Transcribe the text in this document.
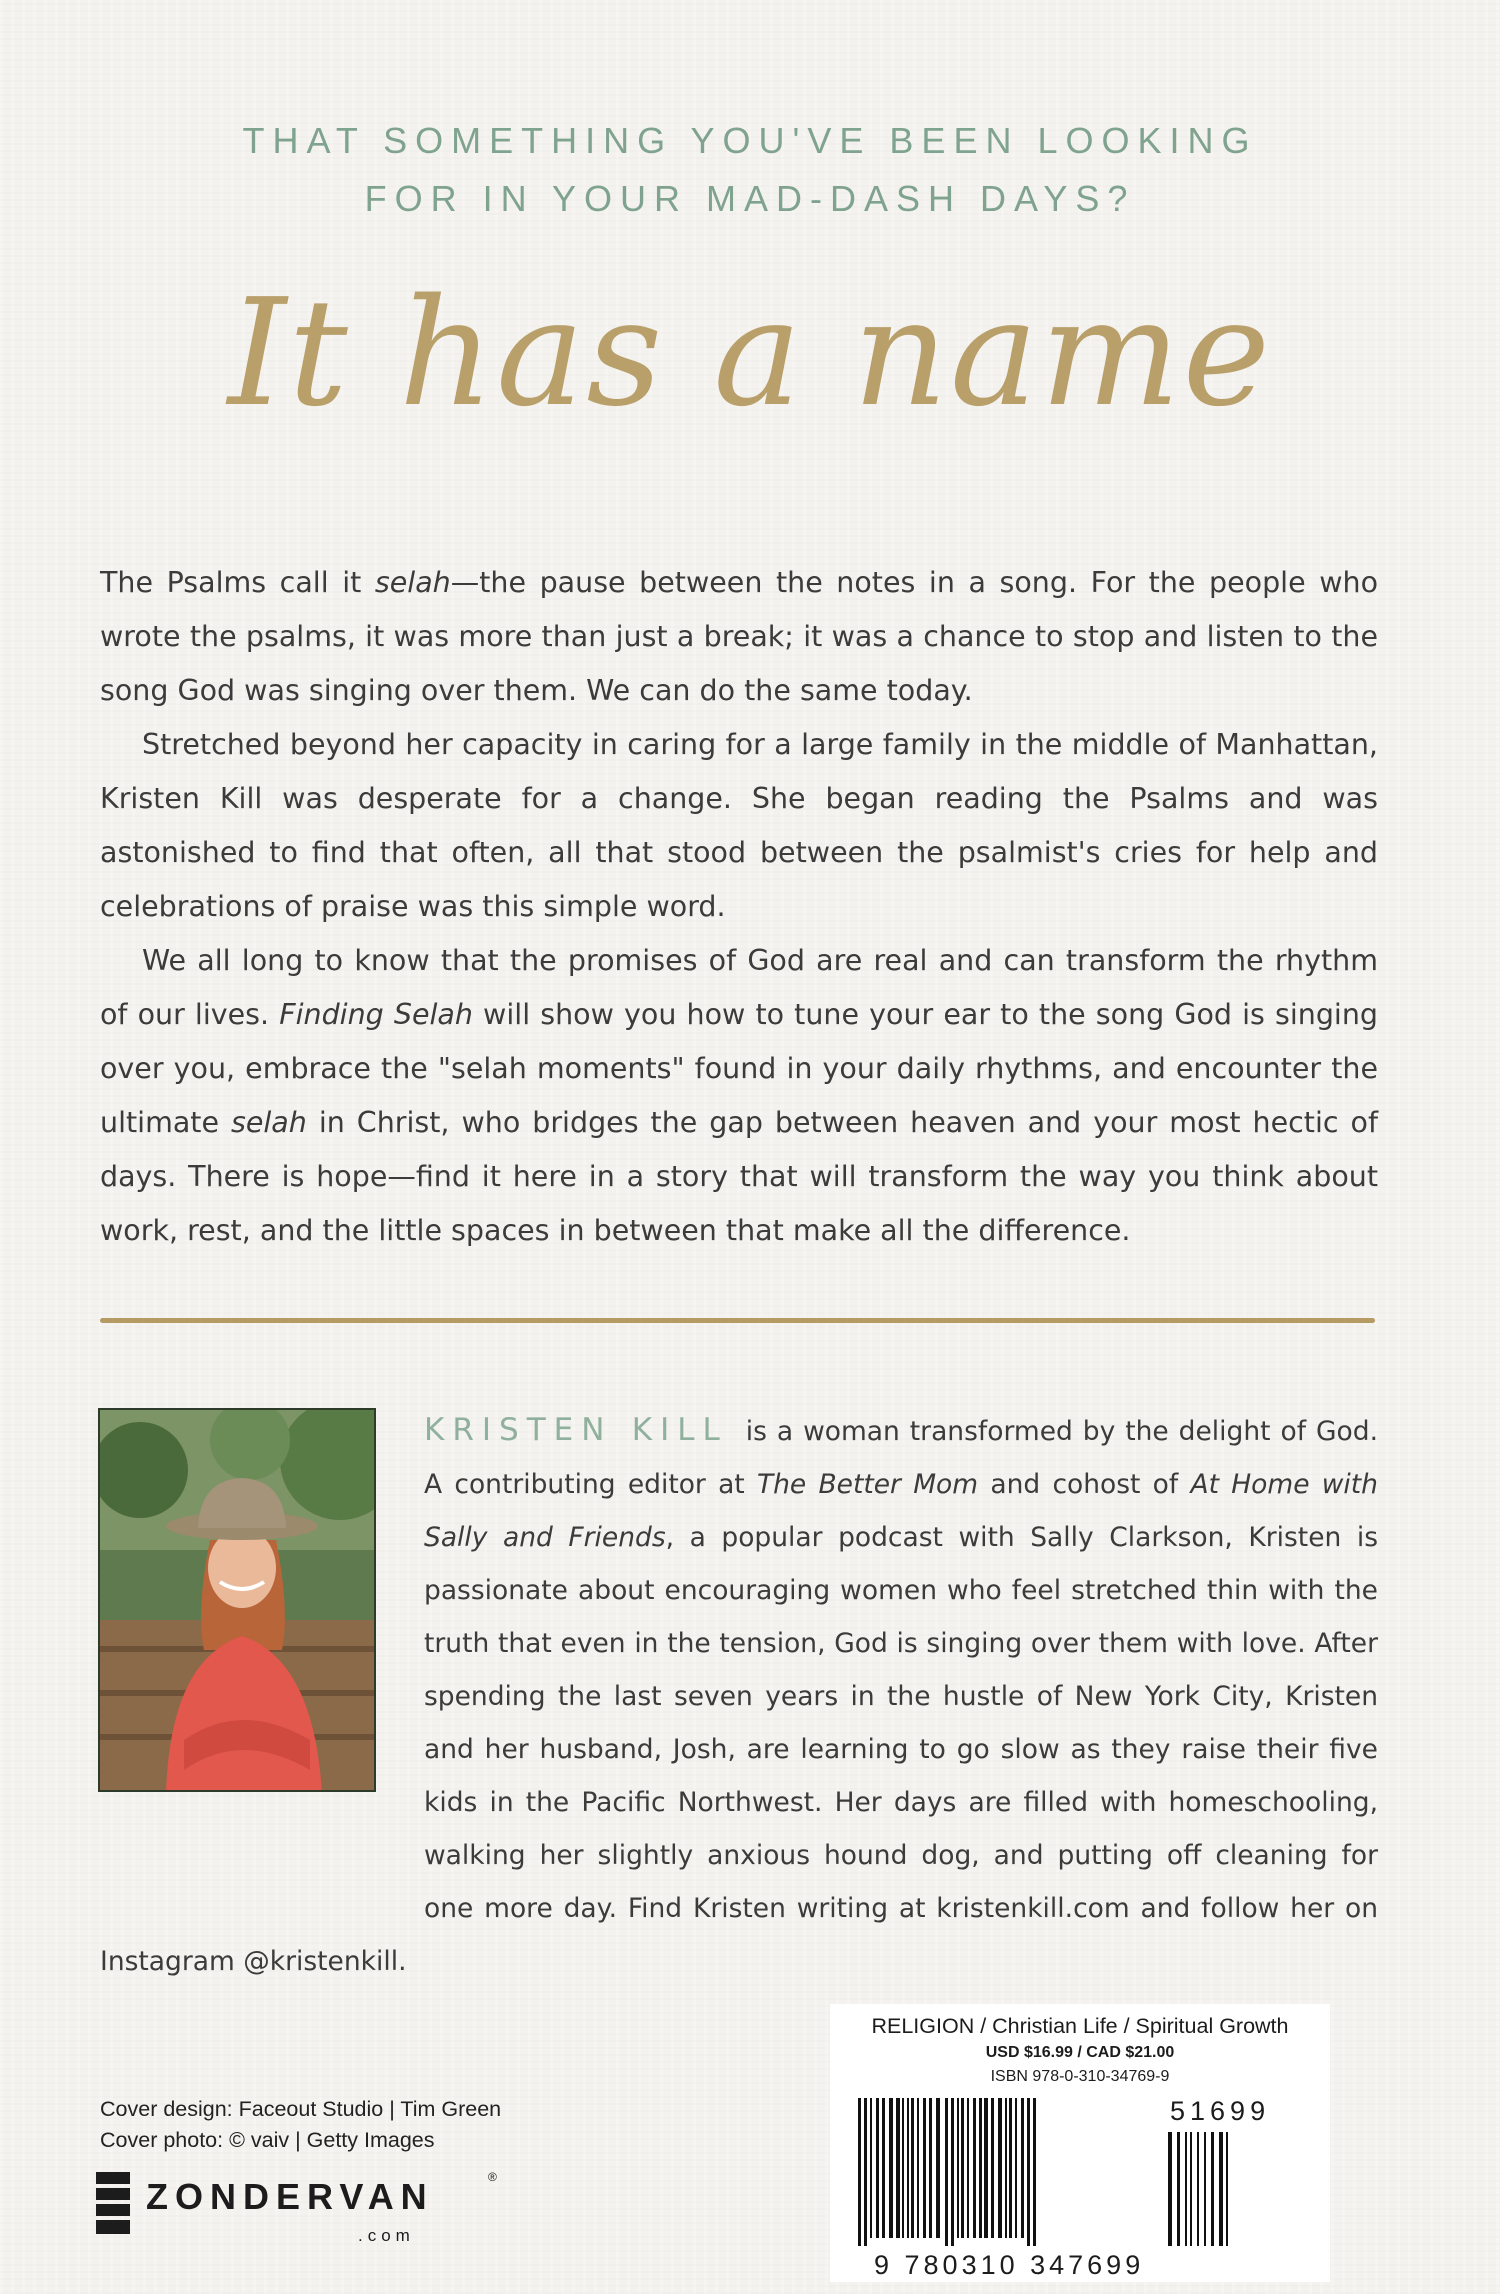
THAT SOMETHING YOU'VE BEEN LOOKING
FOR IN YOUR MAD-DASH DAYS?
It has a name

The Psalms call it selah—the pause between the notes in a song. For the people who wrote the psalms, it was more than just a break; it was a chance to stop and listen to the song God was singing over them. We can do the same today.

Stretched beyond her capacity in caring for a large family in the middle of Manhattan, Kristen Kill was desperate for a change. She began reading the Psalms and was astonished to find that often, all that stood between the psalmist's cries for help and celebrations of praise was this simple word.

We all long to know that the promises of God are real and can transform the rhythm of our lives. Finding Selah will show you how to tune your ear to the song God is singing over you, embrace the "selah moments" found in your daily rhythms, and encounter the ultimate selah in Christ, who bridges the gap between heaven and your most hectic of days. There is hope—find it here in a story that will transform the way you think about work, rest, and the little spaces in between that make all the difference.

KRISTEN KILL is a woman transformed by the delight of God. A contributing editor at The Better Mom and cohost of At Home with Sally and Friends, a popular podcast with Sally Clarkson, Kristen is passionate about encouraging women who feel stretched thin with the truth that even in the tension, God is singing over them with love. After spending the last seven years in the hustle of New York City, Kristen and her husband, Josh, are learning to go slow as they raise their five kids in the Pacific Northwest. Her days are filled with homeschooling, walking her slightly anxious hound dog, and putting off cleaning for one more day. Find Kristen writing at kristenkill.com and follow her on Instagram @kristenkill.

Cover design: Faceout Studio | Tim Green
Cover photo: © vaiv | Getty Images
ZONDERVAN	®
.com
RELIGION / Christian Life / Spiritual Growth
USD $16.99 / CAD $21.00
ISBN 978-0-310-34769-9
9 780310 347699
51699
